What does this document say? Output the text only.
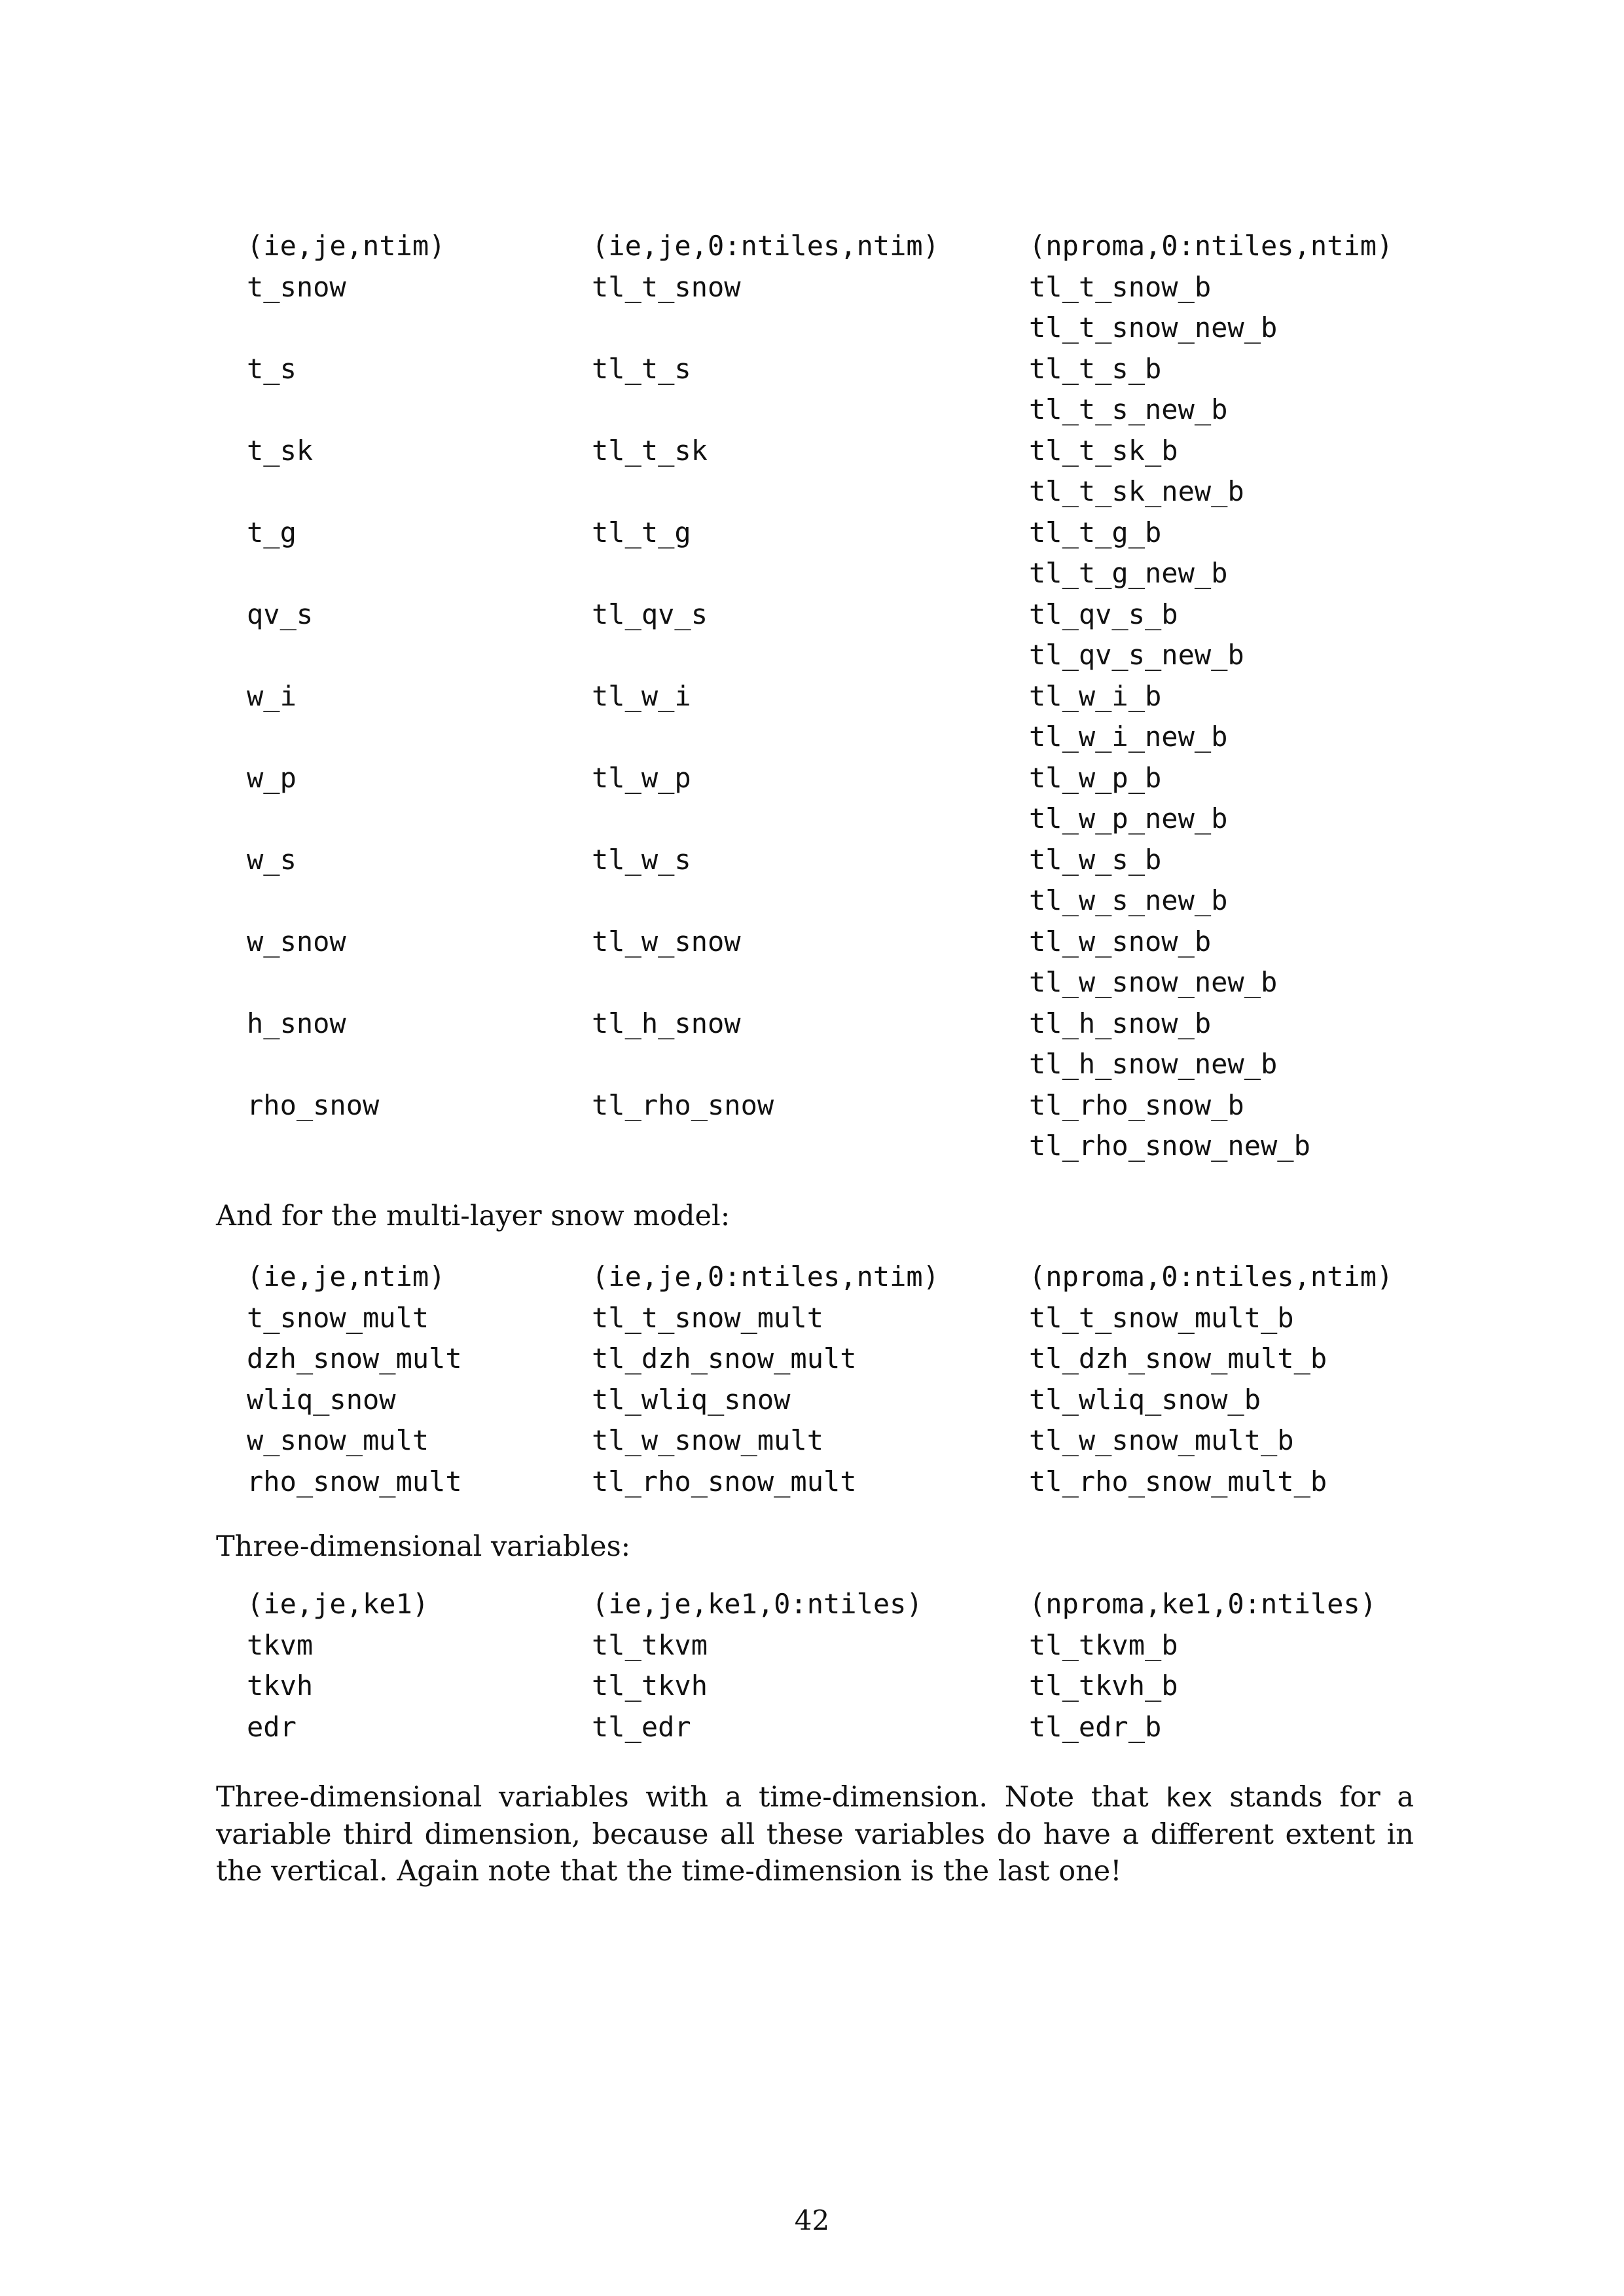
(ie,je,ntim)	(ie,je,0:ntiles,ntim)	(nproma,0:ntiles,ntim)
t_snow	tl_t_snow	tl_t_snow_b
tl_t_snow_new_b
t_s	tl_t_s	tl_t_s_b
tl_t_s_new_b
t_sk	tl_t_sk	tl_t_sk_b
tl_t_sk_new_b
t_g	tl_t_g	tl_t_g_b
tl_t_g_new_b
qv_s	tl_qv_s	tl_qv_s_b
tl_qv_s_new_b
w_i	tl_w_i	tl_w_i_b
tl_w_i_new_b
w_p	tl_w_p	tl_w_p_b
tl_w_p_new_b
w_s	tl_w_s	tl_w_s_b
tl_w_s_new_b
w_snow	tl_w_snow	tl_w_snow_b
tl_w_snow_new_b
h_snow	tl_h_snow	tl_h_snow_b
tl_h_snow_new_b
rho_snow	tl_rho_snow	tl_rho_snow_b
tl_rho_snow_new_b

And for the multi-layer snow model:

(ie,je,ntim)	(ie,je,0:ntiles,ntim)	(nproma,0:ntiles,ntim)
t_snow_mult	tl_t_snow_mult	tl_t_snow_mult_b
dzh_snow_mult	tl_dzh_snow_mult	tl_dzh_snow_mult_b
wliq_snow	tl_wliq_snow	tl_wliq_snow_b
w_snow_mult	tl_w_snow_mult	tl_w_snow_mult_b
rho_snow_mult	tl_rho_snow_mult	tl_rho_snow_mult_b

Three-dimensional variables:

(ie,je,ke1)	(ie,je,ke1,0:ntiles)	(nproma,ke1,0:ntiles)
tkvm	tl_tkvm	tl_tkvm_b
tkvh	tl_tkvh	tl_tkvh_b
edr	tl_edr	tl_edr_b

Three-dimensional variables with a time-dimension. Note that kex stands for a variable third dimension, because all these variables do have a different extent in the vertical. Again note that the time-dimension is the last one!

42
